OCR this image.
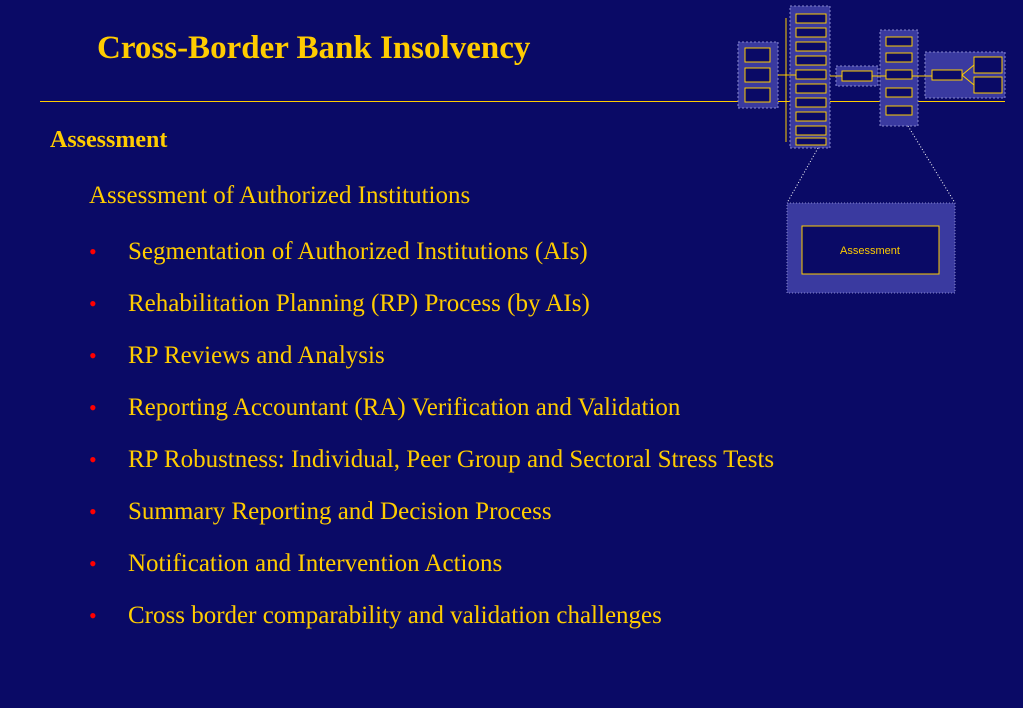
Cross-Border Bank Insolvency
Assessment
Assessment of Authorized Institutions
• Segmentation of Authorized Institutions (AIs)
• Rehabilitation Planning (RP) Process (by AIs)
• RP Reviews and Analysis
• Reporting Accountant (RA) Verification and Validation
• RP Robustness: Individual, Peer Group and Sectoral Stress Tests
• Summary Reporting and Decision Process
• Notification and Intervention Actions
• Cross border comparability and validation challenges
Assessment
